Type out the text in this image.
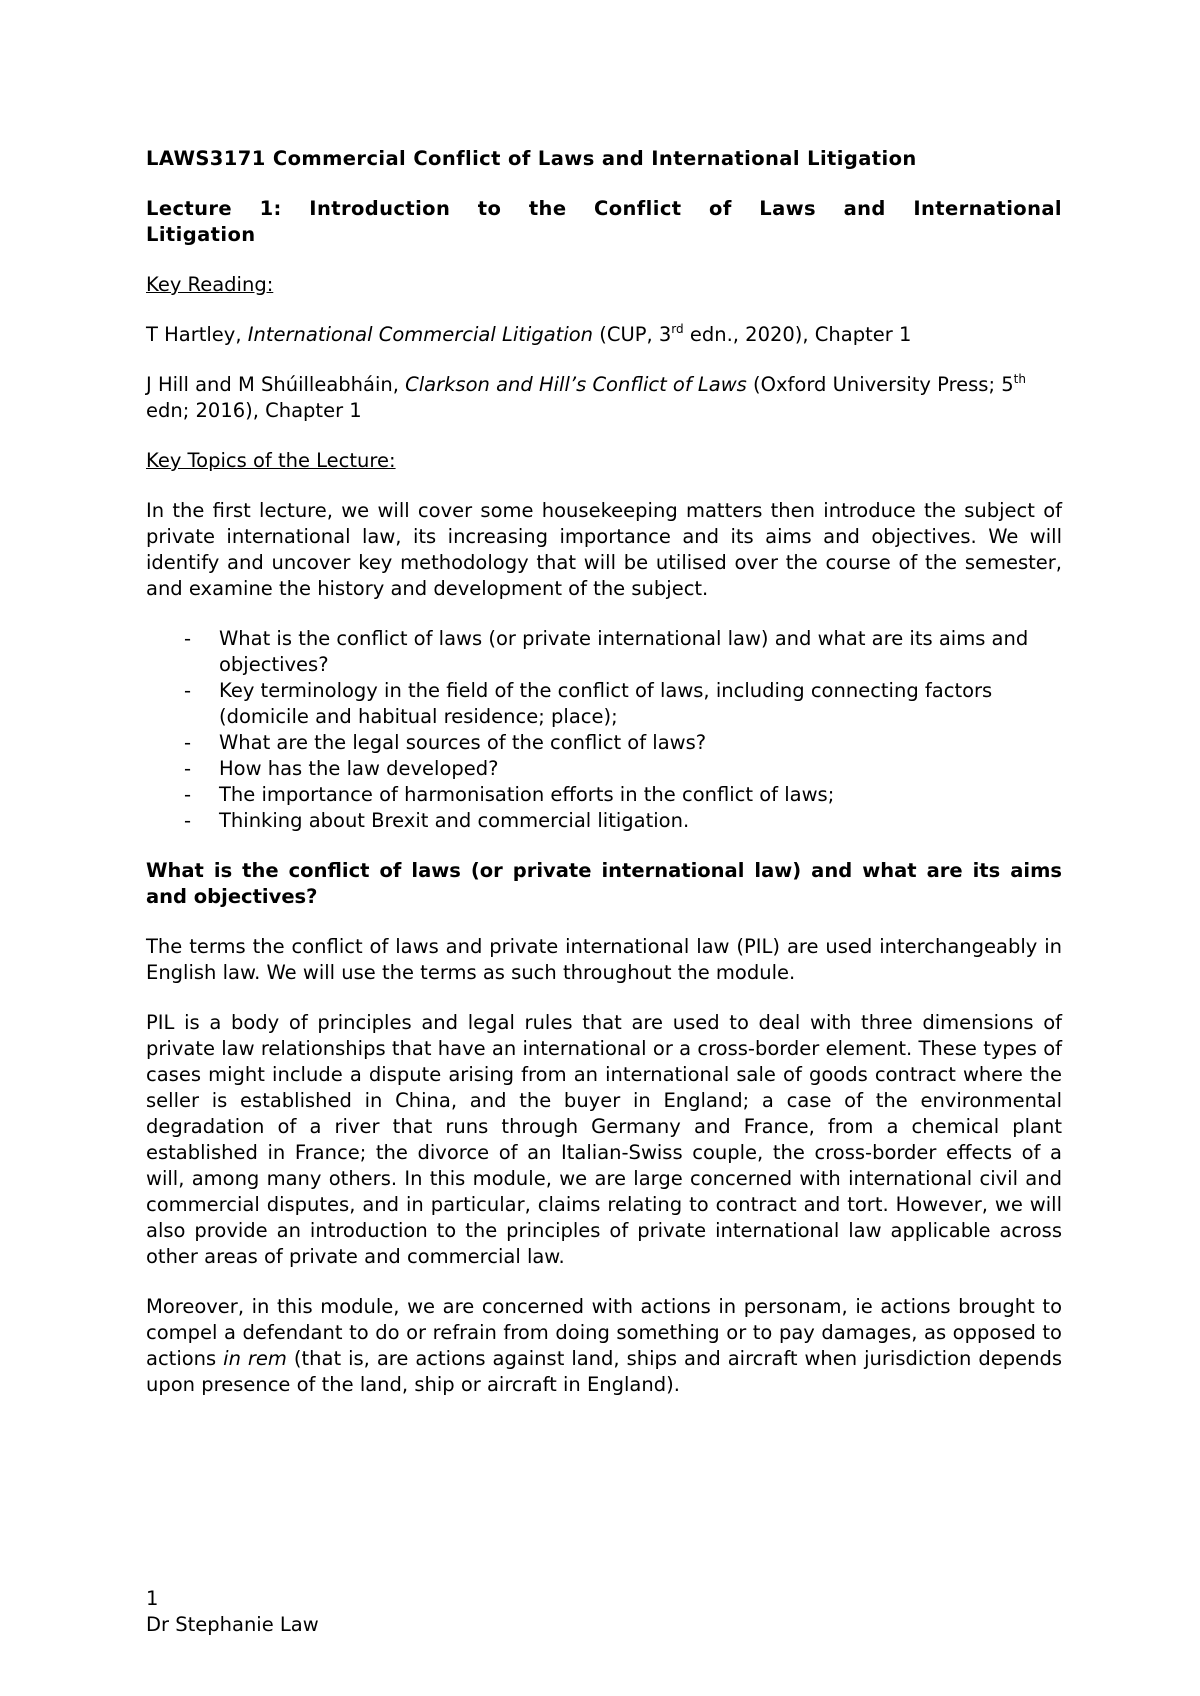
LAWS3171 Commercial Conflict of Laws and International Litigation

Lecture 1: Introduction to the Conflict of Laws and International Litigation

Key Reading:

T Hartley, International Commercial Litigation (CUP, 3rd edn., 2020), Chapter 1

J Hill and M Shúilleabháin, Clarkson and Hill’s Conflict of Laws (Oxford University Press; 5th edn; 2016), Chapter 1

Key Topics of the Lecture:

In the first lecture, we will cover some housekeeping matters then introduce the subject of private international law, its increasing importance and its aims and objectives. We will identify and uncover key methodology that will be utilised over the course of the semester, and examine the history and development of the subject.

- What is the conflict of laws (or private international law) and what are its aims and objectives?
- Key terminology in the field of the conflict of laws, including connecting factors (domicile and habitual residence; place);
- What are the legal sources of the conflict of laws?
- How has the law developed?
- The importance of harmonisation efforts in the conflict of laws;
- Thinking about Brexit and commercial litigation.

What is the conflict of laws (or private international law) and what are its aims and objectives?

The terms the conflict of laws and private international law (PIL) are used interchangeably in English law. We will use the terms as such throughout the module.

PIL is a body of principles and legal rules that are used to deal with three dimensions of private law relationships that have an international or a cross-border element. These types of cases might include a dispute arising from an international sale of goods contract where the seller is established in China, and the buyer in England; a case of the environmental degradation of a river that runs through Germany and France, from a chemical plant established in France; the divorce of an Italian-Swiss couple, the cross-border effects of a will, among many others. In this module, we are large concerned with international civil and commercial disputes, and in particular, claims relating to contract and tort. However, we will also provide an introduction to the principles of private international law applicable across other areas of private and commercial law.

Moreover, in this module, we are concerned with actions in personam, ie actions brought to compel a defendant to do or refrain from doing something or to pay damages, as opposed to actions in rem (that is, are actions against land, ships and aircraft when jurisdiction depends upon presence of the land, ship or aircraft in England).

1
Dr Stephanie Law
